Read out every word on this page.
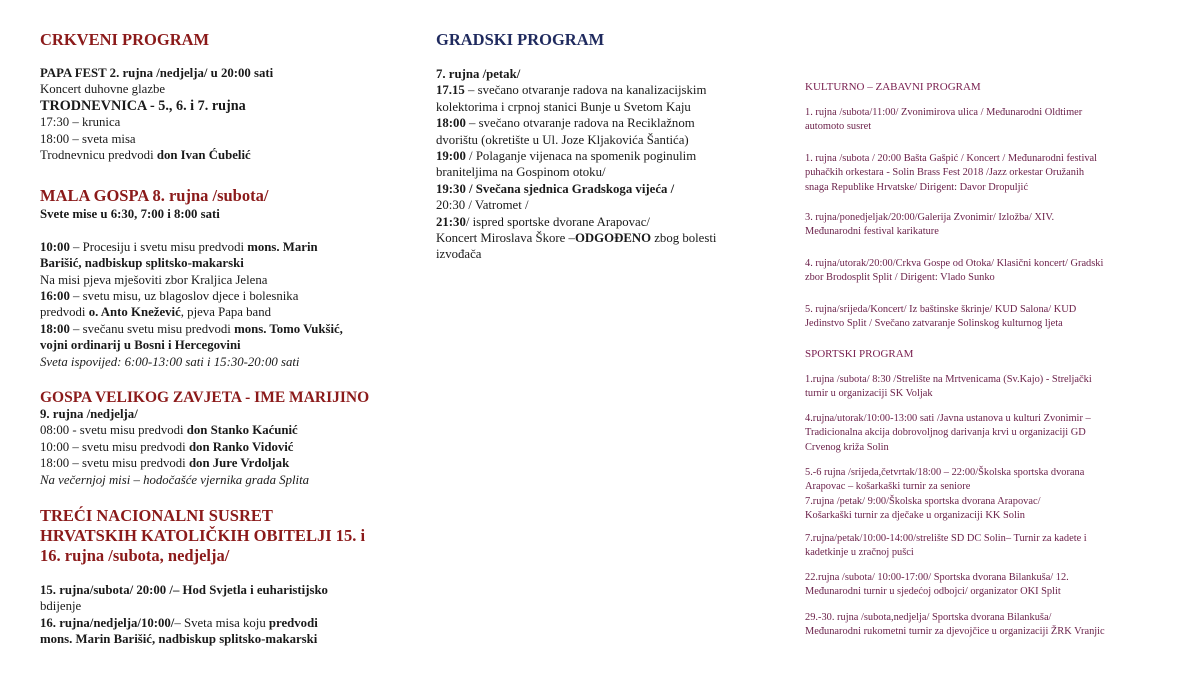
CRKVENI PROGRAM
PAPA FEST 2. rujna /nedjelja/ u 20:00 sati
Koncert duhovne glazbe
TRODNEVNICA - 5., 6. i 7. rujna
17:30 – krunica
18:00 – sveta misa
Trodnevnicu predvodi don Ivan Ćubelić
MALA GOSPA 8. rujna /subota/
Svete mise u 6:30, 7:00 i 8:00 sati

10:00 – Procesiju i svetu misu predvodi mons. Marin
Barišić, nadbiskup splitsko-makarski
Na misi pjeva mješoviti zbor Kraljica Jelena
16:00 – svetu misu, uz blagoslov djece i bolesnika
predvodi o. Anto Knežević, pjeva Papa band
18:00 – svečanu svetu misu predvodi mons. Tomo Vukšić,
vojni ordinarij u Bosni i Hercegovini
Sveta ispovijed: 6:00-13:00 sati i 15:30-20:00 sati
GOSPA VELIKOG ZAVJETA - IME MARIJINO
9. rujna /nedjelja/
08:00 - svetu misu predvodi don Stanko Kaćunić
10:00 – svetu misu predvodi don Ranko Vidović
18:00 – svetu misu predvodi don Jure Vrdoljak
Na večernjoj misi – hodočašće vjernika grada Splita
TREĆI NACIONALNI SUSRET
HRVATSKIH KATOLIČKIH OBITELJI 15. i
16. rujna /subota, nedjelja/
15. rujna/subota/ 20:00 /– Hod Svjetla i euharistijsko
bdijenje
16. rujna/nedjelja/10:00/– Sveta misa koju predvodi
mons. Marin Barišić, nadbiskup splitsko-makarski
GRADSKI PROGRAM
7. rujna /petak/
17.15 – svečano otvaranje radova na kanalizacijskim
kolektorima i crpnoj stanici Bunje u Svetom Kaju
18:00 – svečano otvaranje radova na Reciklažnom
dvorištu (okretište u Ul. Joze Kljakovića Šantića)
19:00 / Polaganje vijenaca na spomenik poginulim
braniteljima na Gospinom otoku/
19:30 / Svečana sjednica Gradskoga vijeća /
20:30 / Vatromet /
21:30/ ispred sportske dvorane Arapovac/
Koncert Miroslava Škore –ODGOĐENO zbog bolesti
izvođača
KULTURNO – ZABAVNI PROGRAM
1. rujna /subota/11:00/ Zvonimirova ulica / Međunarodni Oldtimer
automoto susret
1. rujna /subota / 20:00 Bašta Gašpić / Koncert / Međunarodni festival
puhačkih orkestara - Solin Brass Fest 2018 /Jazz orkestar Oružanih
snaga Republike Hrvatske/ Dirigent: Davor Dropuljić
3. rujna/ponedjeljak/20:00/Galerija Zvonimir/ Izložba/ XIV.
Međunarodni festival karikature
4. rujna/utorak/20:00/Crkva Gospe od Otoka/ Klasični koncert/ Gradski
zbor Brodosplit Split / Dirigent: Vlado Sunko
5. rujna/srijeda/Koncert/ Iz baštinske škrinje/ KUD Salona/ KUD
Jedinstvo Split / Svečano zatvaranje Solinskog kulturnog ljeta
SPORTSKI PROGRAM
1.rujna /subota/ 8:30 /Strelište na Mrtvenicama (Sv.Kajo) - Streljački
turnir u organizaciji SK Voljak
4.rujna/utorak/10:00-13:00 sati /Javna ustanova u kulturi Zvonimir –
Tradicionalna akcija dobrovoljnog darivanja krvi u organizaciji GD
Crvenog križa Solin
5.-6 rujna /srijeda,četvrtak/18:00 – 22:00/Školska sportska dvorana
Arapovac – košarkaški turnir za seniore
7.rujna /petak/ 9:00/Školska sportska dvorana Arapovac/
Košarkaški turnir za dječake u organizaciji KK Solin
7.rujna/petak/10:00-14:00/strelište SD DC Solin– Turnir za kadete i
kadetkinje u zračnoj pušci
22.rujna /subota/ 10:00-17:00/ Sportska dvorana Bilankuša/ 12.
Međunarodni turnir u sjedećoj odbojci/ organizator OKI Split
29.-30. rujna /subota,nedjelja/ Sportska dvorana Bilankuša/
Međunarodni rukometni turnir za djevojčice u organizaciji ŽRK Vranjic
